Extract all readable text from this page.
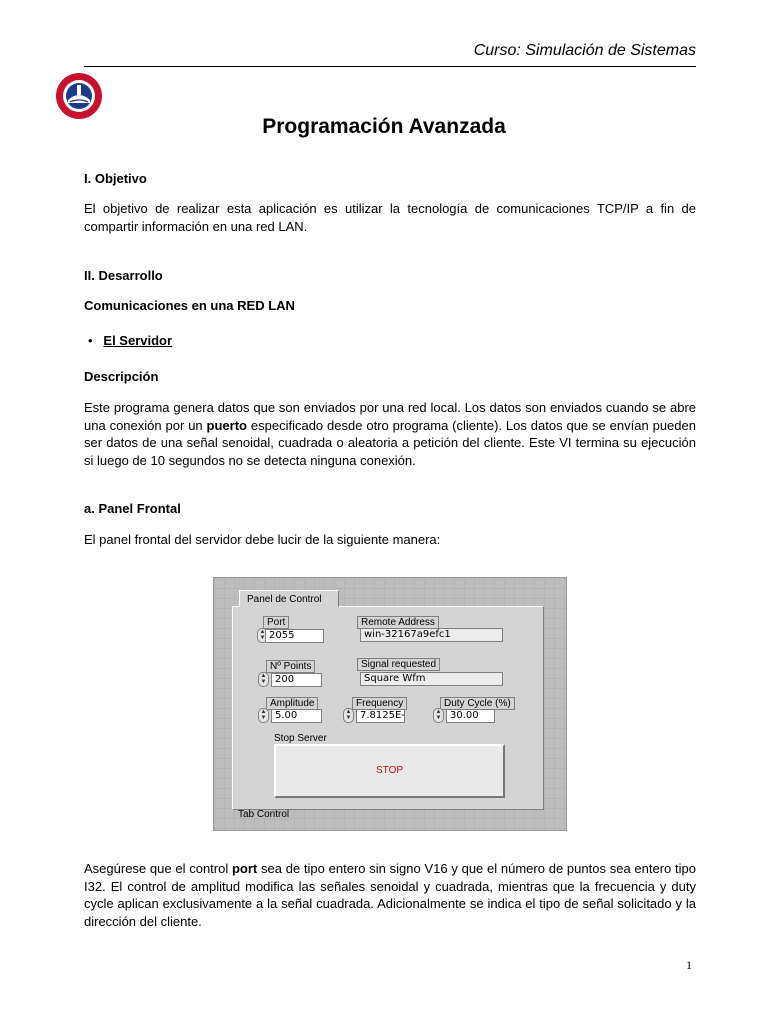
Curso: Simulación de Sistemas
Programación Avanzada
I. Objetivo

El objetivo de realizar esta aplicación es utilizar la tecnología de comunicaciones TCP/IP a fin de compartir información en una red LAN.

II. Desarrollo
Comunicaciones en una RED LAN
• El Servidor
Descripción

Este programa genera datos que son enviados por una red local. Los datos son enviados cuando se abre una conexión por un puerto especificado desde otro programa (cliente). Los datos que se envían pueden ser datos de una señal senoidal, cuadrada o aleatoria a petición del cliente. Este VI termina su ejecución si luego de 10 segundos no se detecta ninguna conexión.

a. Panel Frontal

El panel frontal del servidor debe lucir de la siguiente manera:

Panel de Control
Port
▲
▼ 2055
Remote Address
win-32167a9efc1
Nº Points
▲
▼ 200
Signal requested
Square Wfm
Amplitude
▲
▼ 5.00
Frequency
▲
▼ 7.8125E-
Duty Cycle (%)
▲
▼ 30.00
Stop Server
STOP
Tab Control

Asegúrese que el control port sea de tipo entero sin signo V16 y que el número de puntos sea entero tipo I32. El control de amplitud modifica las señales senoidal y cuadrada, mientras que la frecuencia y duty cycle aplican exclusivamente a la señal cuadrada. Adicionalmente se indica el tipo de señal solicitado y la dirección del cliente.

1
